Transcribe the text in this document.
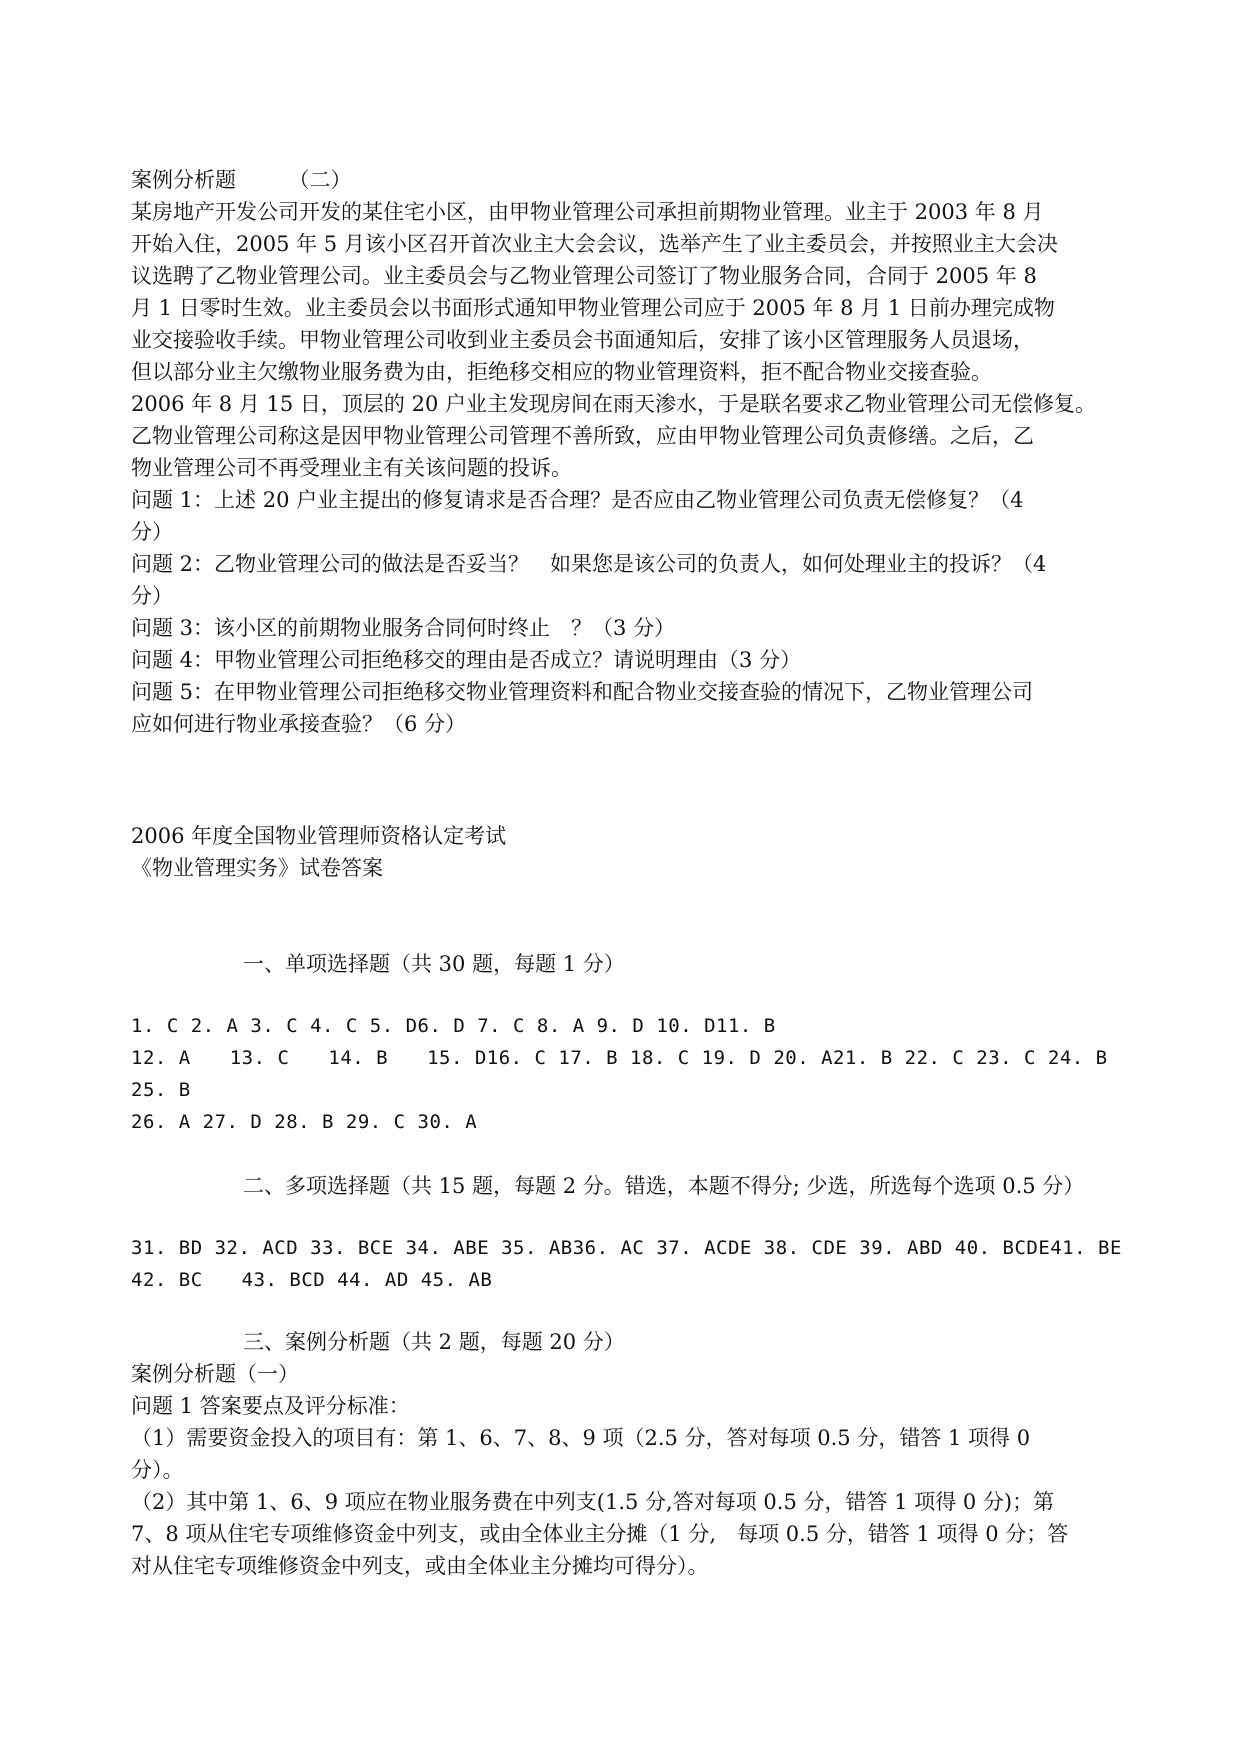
案例分析题　　　（二）
某房地产开发公司开发的某住宅小区，由甲物业管理公司承担前期物业管理。业主于 2003 年 8 月
开始入住，2005 年 5 月该小区召开首次业主大会会议，选举产生了业主委员会，并按照业主大会决
议选聘了乙物业管理公司。业主委员会与乙物业管理公司签订了物业服务合同，合同于 2005 年 8
月 1 日零时生效。业主委员会以书面形式通知甲物业管理公司应于 2005 年 8 月 1 日前办理完成物
业交接验收手续。甲物业管理公司收到业主委员会书面通知后，安排了该小区管理服务人员退场，
但以部分业主欠缴物业服务费为由，拒绝移交相应的物业管理资料，拒不配合物业交接查验。
2006 年 8 月 15 日，顶层的 20 户业主发现房间在雨天渗水，于是联名要求乙物业管理公司无偿修复。
乙物业管理公司称这是因甲物业管理公司管理不善所致，应由甲物业管理公司负责修缮。之后，乙
物业管理公司不再受理业主有关该问题的投诉。
问题 1：上述 20 户业主提出的修复请求是否合理？是否应由乙物业管理公司负责无偿修复？（4
分）
问题 2：乙物业管理公司的做法是否妥当？　如果您是该公司的负责人，如何处理业主的投诉？（4
分）
问题 3：该小区的前期物业服务合同何时终止　？（3 分）
问题 4：甲物业管理公司拒绝移交的理由是否成立？请说明理由（3 分）
问题 5：在甲物业管理公司拒绝移交物业管理资料和配合物业交接查验的情况下，乙物业管理公司
应如何进行物业承接查验？（6 分）
2006 年度全国物业管理师资格认定考试
《物业管理实务》试卷答案
一、单项选择题（共 30 题，每题 1 分）
1. C 2. A 3. C 4. C 5. D6. D 7. C 8. A 9. D 10. D11. B
12. A　　13. C　　14. B　　15. D16. C 17. B 18. C 19. D 20. A21. B 22. C 23. C 24. B
25. B
26. A 27. D 28. B 29. C 30. A
二、多项选择题（共 15 题，每题 2 分。错选，本题不得分; 少选，所选每个选项 0.5 分）
31. BD 32. ACD 33. BCE 34. ABE 35. AB36. AC 37. ACDE 38. CDE 39. ABD 40. BCDE41. BE
42. BC　　43. BCD 44. AD 45. AB
三、案例分析题（共 2 题，每题 20 分）
案例分析题（一）
问题 1 答案要点及评分标准：
（1）需要资金投入的项目有：第 1、6、7、8、9 项（2.5 分，答对每项 0.5 分，错答 1 项得 0
分）。
（2）其中第 1、6、9 项应在物业服务费在中列支(1.5 分,答对每项 0.5 分，错答 1 项得 0 分)；第
7、8 项从住宅专项维修资金中列支，或由全体业主分摊（1 分,　每项 0.5 分，错答 1 项得 0 分；答
对从住宅专项维修资金中列支，或由全体业主分摊均可得分）。
